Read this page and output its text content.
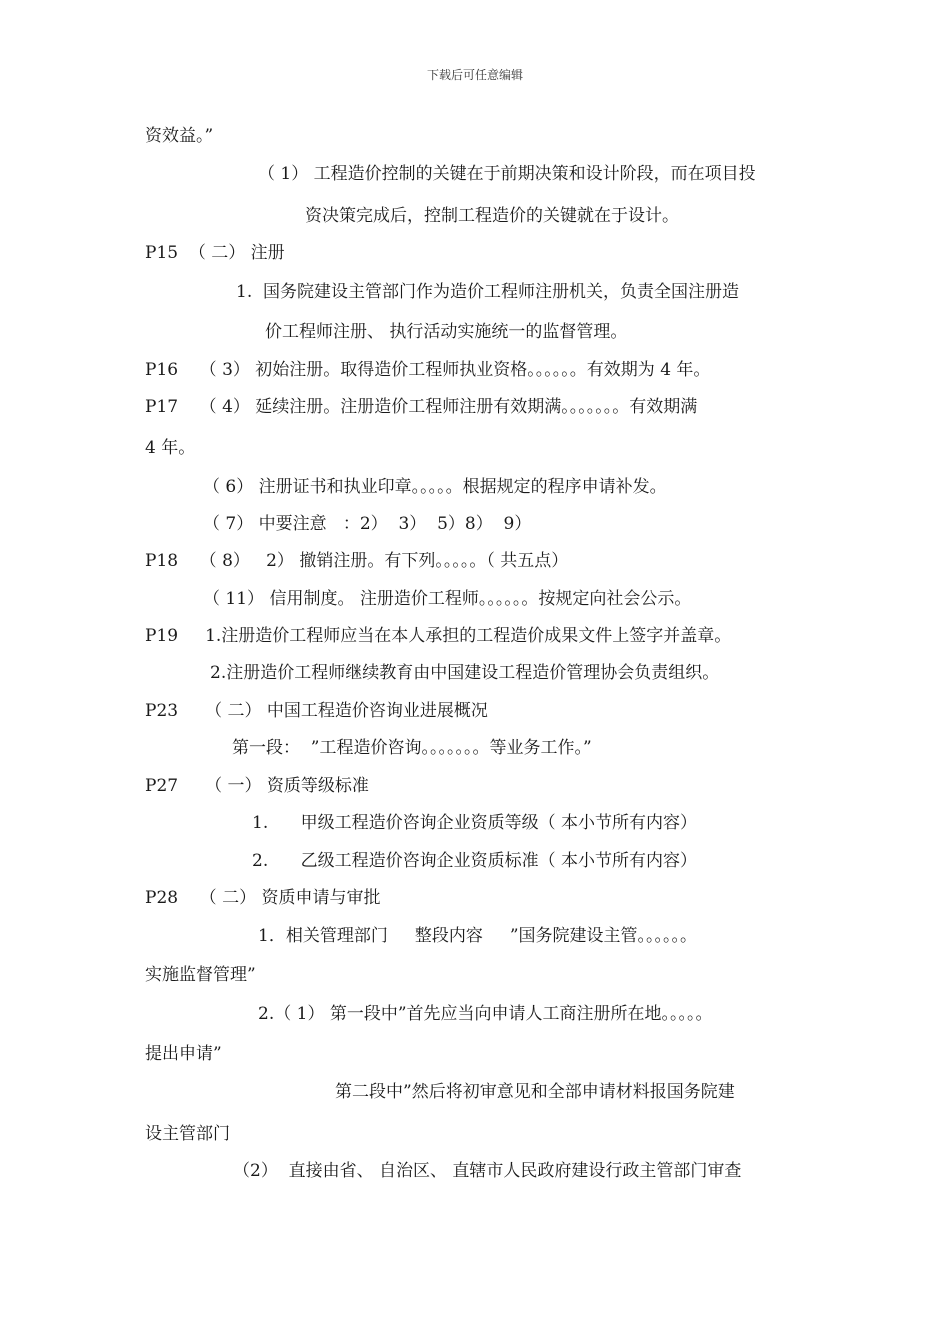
下载后可任意编辑
资效益。”
（ 1） 工程造价控制的关键在于前期决策和设计阶段，而在项目投
资决策完成后，控制工程造价的关键就在于设计。
P15  （ 二） 注册
1.  国务院建设主管部门作为造价工程师注册机关，负责全国注册造
价工程师注册、 执行活动实施统一的监督管理。
P16    （ 3） 初始注册。取得造价工程师执业资格。。。。。。有效期为 4 年。
P17    （ 4） 延续注册。注册造价工程师注册有效期满。。。。。。。有效期满
4 年。
（ 6） 注册证书和执业印章。。。。。根据规定的程序申请补发。
（ 7） 中要注意   ：2）  3）  5）8）  9）
P18    （ 8）   2） 撤销注册。有下列。。。。。（ 共五点）
（ 11） 信用制度。 注册造价工程师。。。。。。按规定向社会公示。
P19     1.注册造价工程师应当在本人承担的工程造价成果文件上签字并盖章。
2.注册造价工程师继续教育由中国建设工程造价管理协会负责组织。
P23     （ 二） 中国工程造价咨询业进展概况
第一段：  ”工程造价咨询。。。。。。。等业务工作。”
P27     （ 一） 资质等级标准
1.      甲级工程造价咨询企业资质等级（ 本小节所有内容）
2.      乙级工程造价咨询企业资质标准（ 本小节所有内容）
P28    （ 二） 资质申请与审批
1．相关管理部门     整段内容     ”国务院建设主管。。。。。。
实施监督管理”
2.（ 1） 第一段中”首先应当向申请人工商注册所在地。。。。。
提出申请”
第二段中”然后将初审意见和全部申请材料报国务院建
设主管部门
（2）  直接由省、 自治区、 直辖市人民政府建设行政主管部门审查
